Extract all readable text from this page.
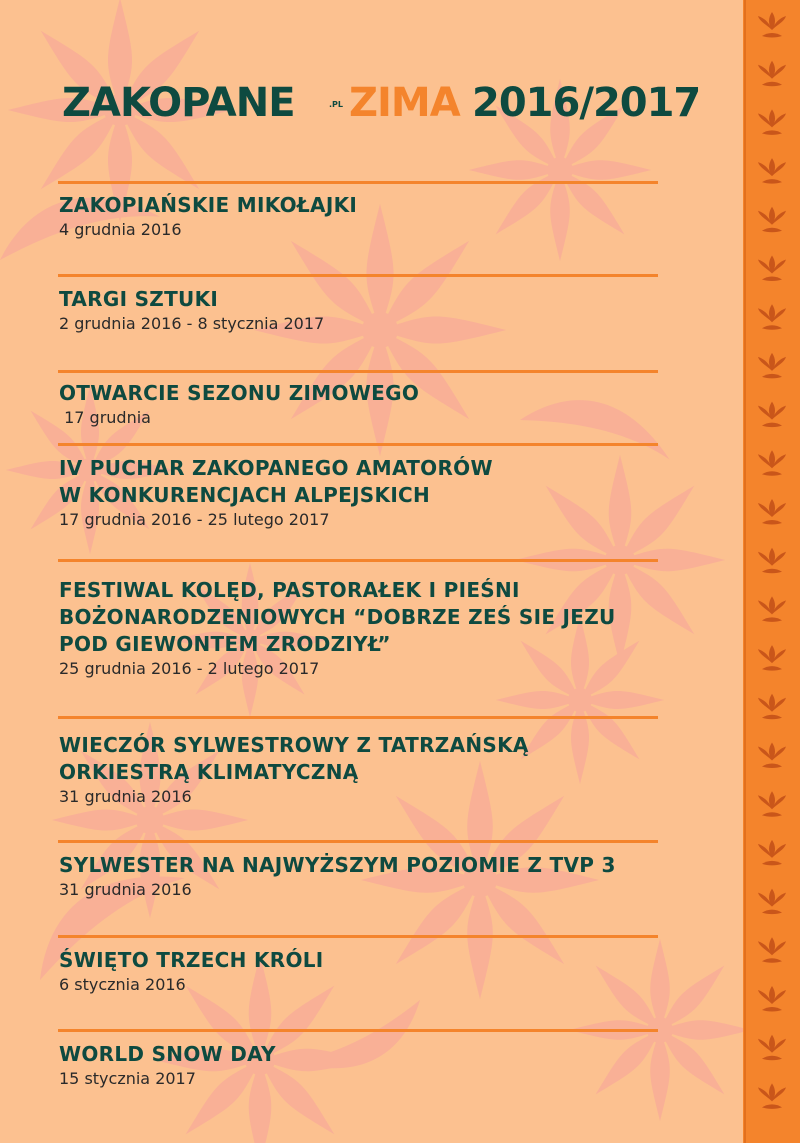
ZAKOPANE	.PL ZIMA 2016/2017
ZAKOPIAŃSKIE MIKOŁAJKI
4 grudnia 2016
TARGI SZTUKI
2 grudnia 2016 - 8 stycznia 2017
OTWARCIE SEZONU ZIMOWEGO
17 grudnia
IV PUCHAR ZAKOPANEGO AMATORÓW
W KONKURENCJACH ALPEJSKICH
17 grudnia 2016 - 25 lutego 2017
FESTIWAL KOLĘD, PASTORAŁEK I PIEŚNI
BOŻONARODZENIOWYCH “DOBRZE ZEŚ SIE JEZU
POD GIEWONTEM ZRODZIYŁ”
25 grudnia 2016 - 2 lutego 2017
WIECZÓR SYLWESTROWY Z TATRZAŃSKĄ
ORKIESTRĄ KLIMATYCZNĄ
31 grudnia 2016
SYLWESTER NA NAJWYŻSZYM POZIOMIE Z TVP 3
31 grudnia 2016
ŚWIĘTO TRZECH KRÓLI
6 stycznia 2016
WORLD SNOW DAY
15 stycznia 2017
